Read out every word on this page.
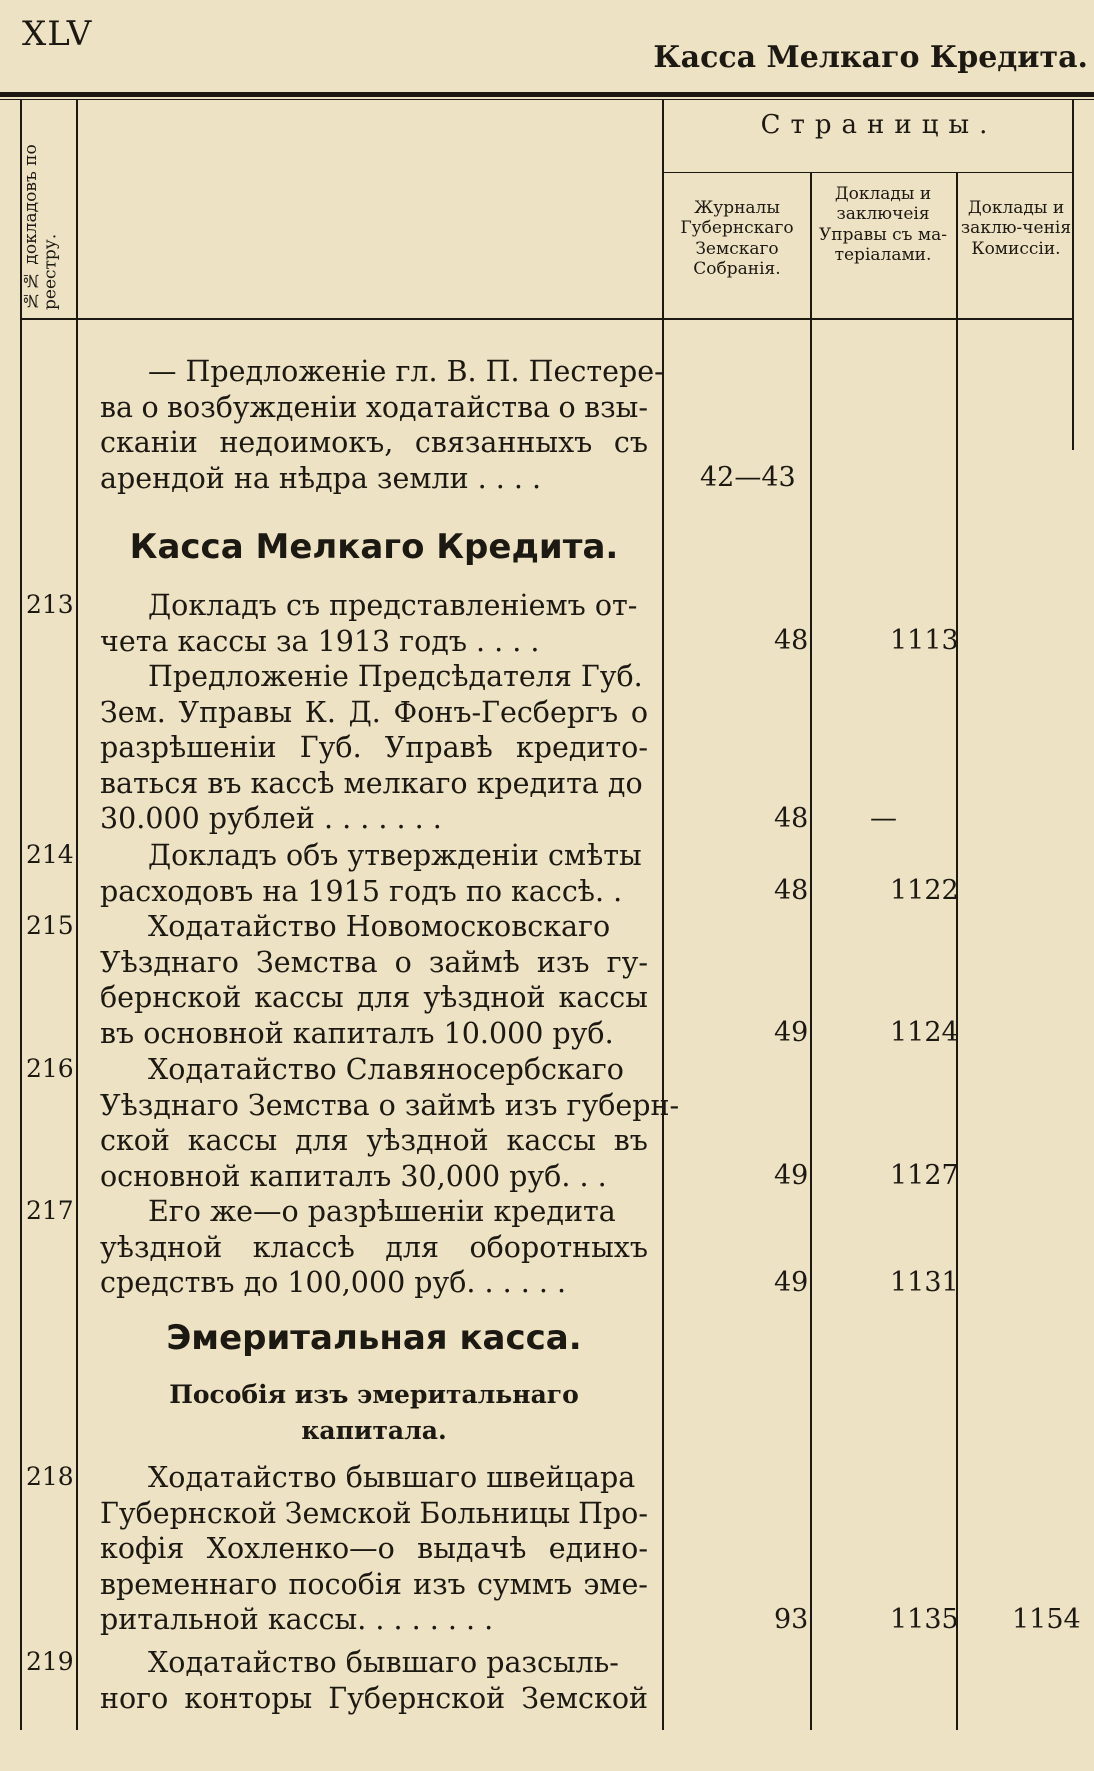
XLV
Касса Мелкаго Кредита.
№№ докладовъ по реестру.
Страницы.
Журналы Губернскаго Земскаго Собранія.
Доклады и заключеія Управы съ ма-теріалами.
Доклады и заклю-ченія Комиссіи.
— Предложеніе гл. В. П. Пестере-
ва о возбужденіи ходатайства о взы-
сканіи недоимокъ, связанныхъ съ
арендой на нѣдра земли . . . .	42—43
Касса Мелкаго Кредита.
213	Докладъ съ представленіемъ от-
чета кассы за 1913 годъ . . . .	48	1113
Предложеніе Предсѣдателя Губ.
Зем. Управы К. Д. Фонъ-Гесбергъ о
разрѣшеніи Губ. Управѣ кредито-
ваться въ кассѣ мелкаго кредита до
30.000 рублей . . . . . . .	48 —
214	Докладъ объ утвержденіи смѣты
расходовъ на 1915 годъ по кассѣ. .	48	1122
215	Ходатайство Новомосковскаго
Уѣзднаго Земства о займѣ изъ гу-
бернской кассы для уѣздной кассы
въ основной капиталъ 10.000 руб.	49	1124
216	Ходатайство Славяносербскаго
Уѣзднаго Земства о займѣ изъ губерн-
ской кассы для уѣздной кассы въ
основной капиталъ 30,000 руб. . .	49	1127
217	Его же—о разрѣшеніи кредита
уѣздной классѣ для оборотныхъ
средствъ до 100,000 руб. . . . . .	49	1131
Эмеритальная касса.
Пособія изъ эмеритальнаго
капитала.
218	Ходатайство бывшаго швейцара
Губернской Земской Больницы Про-
кофія Хохленко—о выдачѣ едино-
временнаго пособія изъ суммъ эме-
ритальной кассы. . . . . . . .	93	1135 1154
219	Ходатайство бывшаго разсыль-
ного конторы Губернской Земской
